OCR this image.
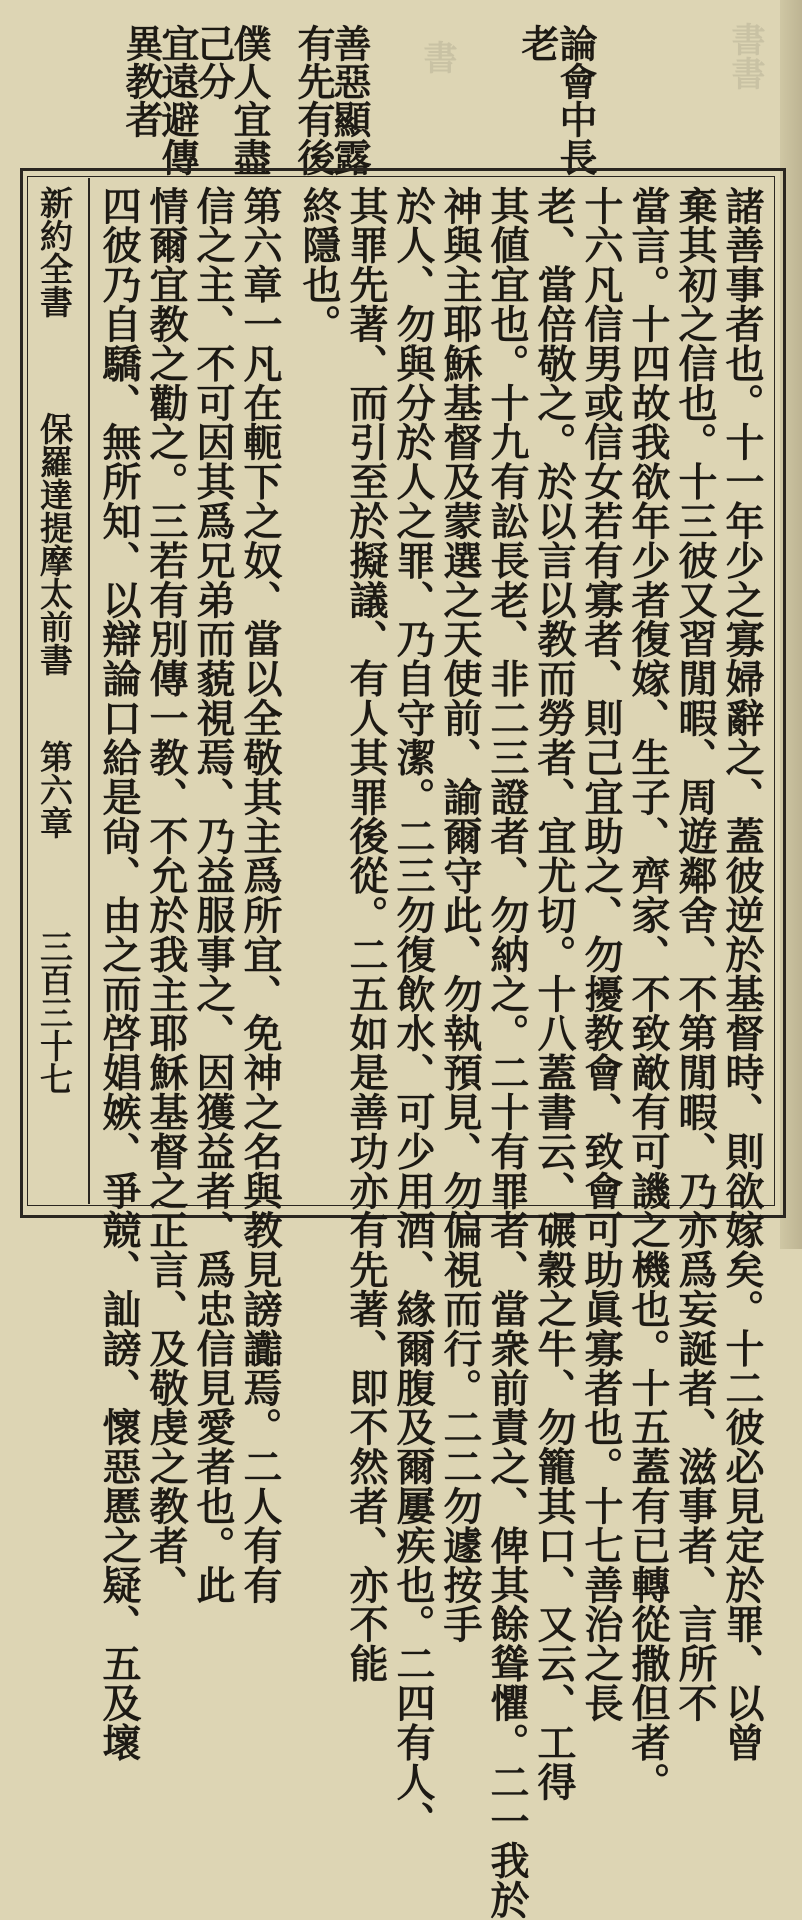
書書
書	論會中長
老
善惡顯露
有先有後
僕人宜盡
己分
宜遠避傳
異教者
諸善事者也。十一年少之寡婦辭之、蓋彼逆於基督時、則欲嫁矣。十二彼必見定於罪、以曾
棄其初之信也。十三彼又習閒暇、周遊鄰舍、不第閒暇、乃亦爲妄誕者、滋事者、言所不
當言。十四故我欲年少者復嫁、生子、齊家、不致敵有可譏之機也。十五蓋有已轉從撒但者。
十六凡信男或信女若有寡者、則己宜助之、勿擾教會、致會可助眞寡者也。十七善治之長
老、當倍敬之。於以言以教而勞者、宜尤切。十八蓋書云、碾穀之牛、勿籠其口、又云、工得
其値宜也。十九有訟長老、非二三證者、勿納之。二十有罪者、當衆前責之、俾其餘聳懼。二一我於
神與主耶穌基督及蒙選之天使前、諭爾守此、勿執預見、勿偏視而行。二二勿遽按手
於人、勿與分於人之罪、乃自守潔。二三勿復飲水、可少用酒、緣爾腹及爾屢疾也。二四有人、
其罪先著、而引至於擬議、有人其罪後從。二五如是善功亦有先著、即不然者、亦不能
終隱也。
第六章一凡在軛下之奴、當以全敬其主爲所宜、免神之名與教見謗讟焉。二人有有
信之主、不可因其爲兄弟而藐視焉、乃益服事之、因獲益者、爲忠信見愛者也。此
情爾宜教之勸之。三若有別傳一教、不允於我主耶穌基督之正言、及敬虔之教者、
四彼乃自驕、無所知、以辯論口給是尙、由之而啓娼嫉、爭競、訕謗、懷惡慝之疑、五及壞
新約全書
保羅達提摩太前書
第六章
三百三十七
